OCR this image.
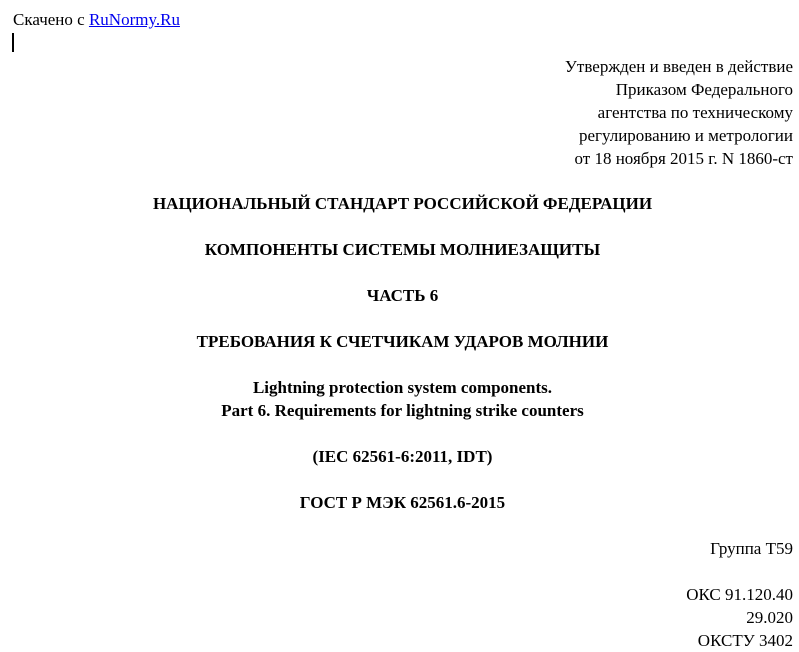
Скачено с RuNormy.Ru
Утвержден и введен в действие
Приказом Федерального
агентства по техническому
регулированию и метрологии
от 18 ноября 2015 г. N 1860-ст
НАЦИОНАЛЬНЫЙ СТАНДАРТ РОССИЙСКОЙ ФЕДЕРАЦИИ
КОМПОНЕНТЫ СИСТЕМЫ МОЛНИЕЗАЩИТЫ
ЧАСТЬ 6
ТРЕБОВАНИЯ К СЧЕТЧИКАМ УДАРОВ МОЛНИИ
Lightning protection system components.
Part 6. Requirements for lightning strike counters
(IEC 62561-6:2011, IDT)
ГОСТ Р МЭК 62561.6-2015
Группа Т59
ОКС 91.120.40
29.020
ОКСТУ 3402
